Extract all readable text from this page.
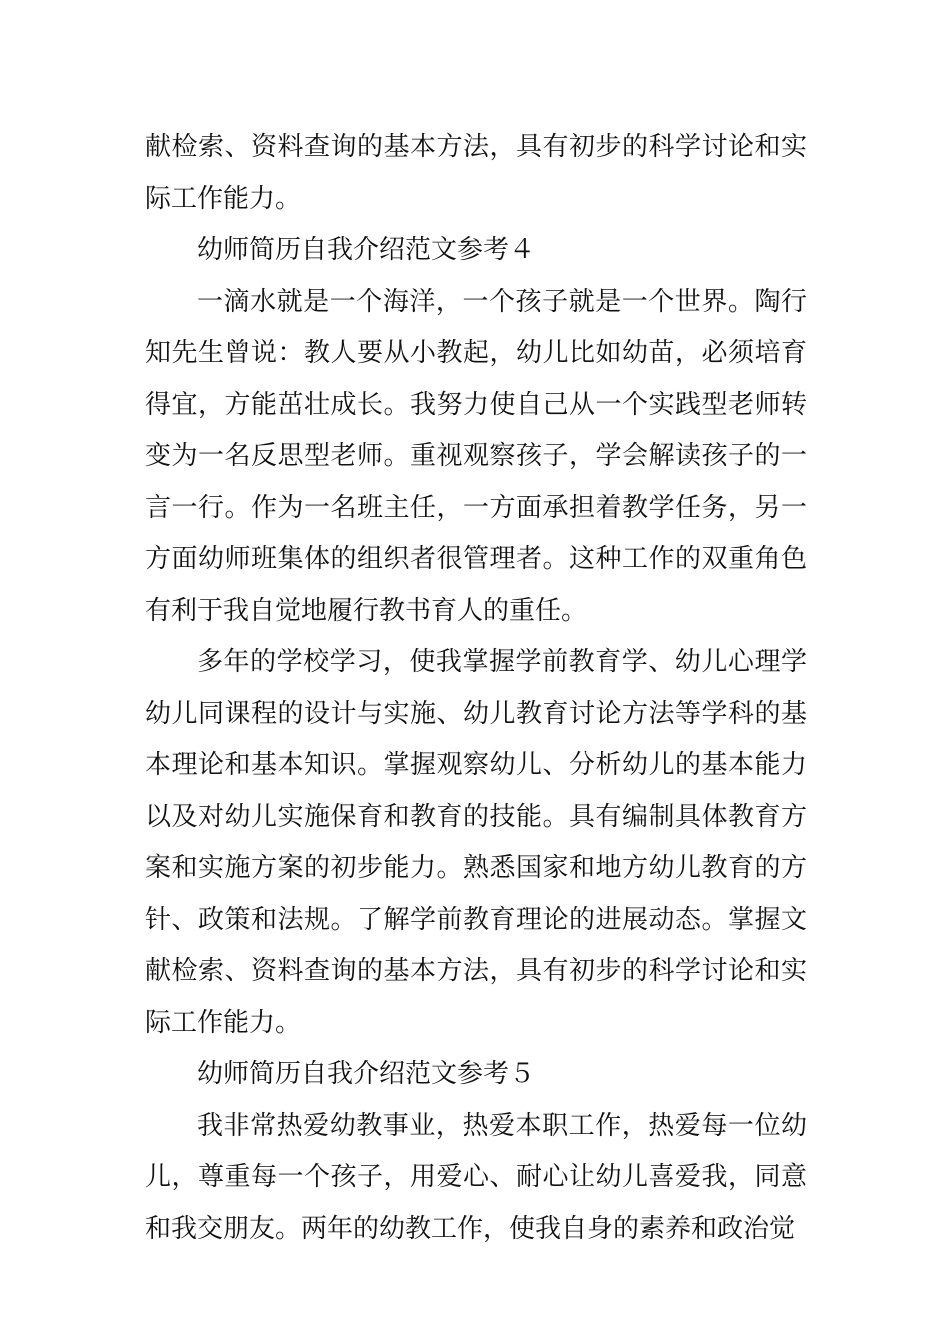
献检索、资料查询的基本方法，具有初步的科学讨论和实际工作能力。

幼师简历自我介绍范文参考４

一滴水就是一个海洋，一个孩子就是一个世界。陶行知先生曾说：教人要从小教起，幼儿比如幼苗，必须培育得宜，方能茁壮成长。我努力使自己从一个实践型老师转变为一名反思型老师。重视观察孩子，学会解读孩子的一言一行。作为一名班主任，一方面承担着教学任务，另一方面幼师班集体的组织者很管理者。这种工作的双重角色有利于我自觉地履行教书育人的重任。

多年的学校学习，使我掌握学前教育学、幼儿心理学幼儿同课程的设计与实施、幼儿教育讨论方法等学科的基本理论和基本知识。掌握观察幼儿、分析幼儿的基本能力以及对幼儿实施保育和教育的技能。具有编制具体教育方案和实施方案的初步能力。熟悉国家和地方幼儿教育的方针、政策和法规。了解学前教育理论的进展动态。掌握文献检索、资料查询的基本方法，具有初步的科学讨论和实际工作能力。

幼师简历自我介绍范文参考５

我非常热爱幼教事业，热爱本职工作，热爱每一位幼儿，尊重每一个孩子，用爱心、耐心让幼儿喜爱我，同意和我交朋友。两年的幼教工作，使我自身的素养和政治觉
